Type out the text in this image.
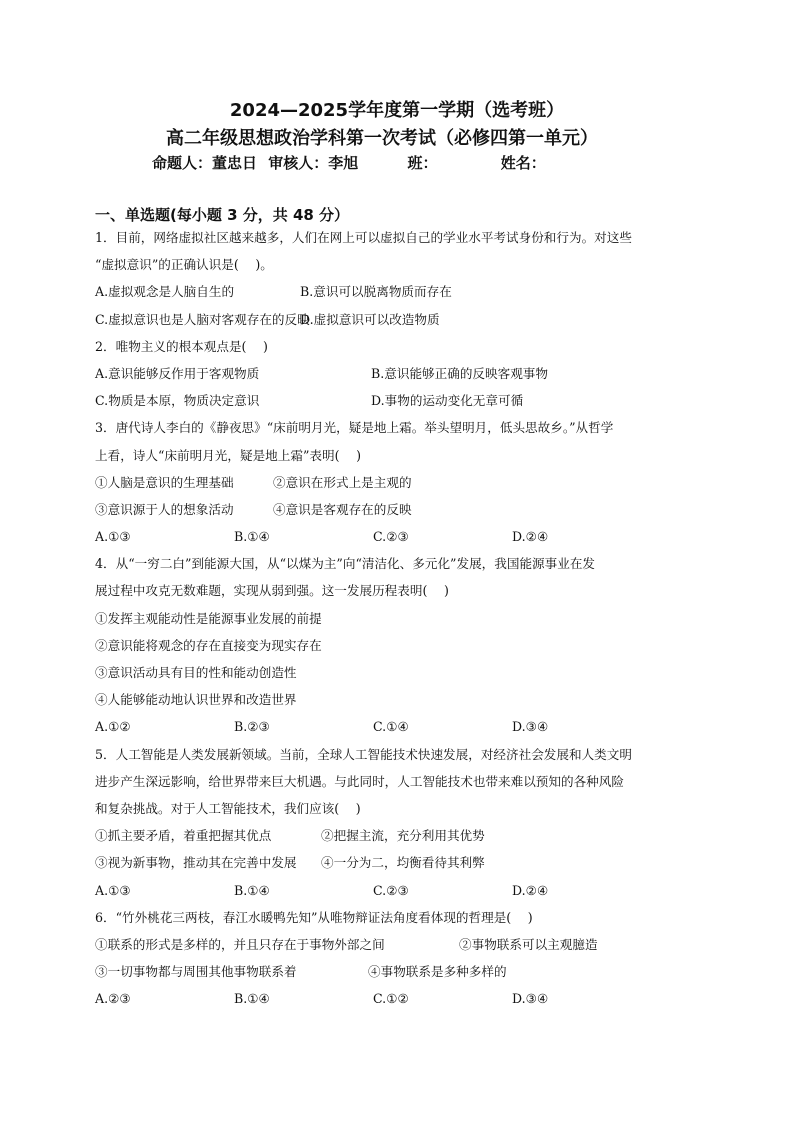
2024—2025学年度第一学期（选考班）
高二年级思想政治学科第一次考试（必修四第一单元）
命题人：董忠日 审核人：李旭	班：	姓名：
一、单选题(每小题 3 分，共 48 分）
1．目前，网络虚拟社区越来越多，人们在网上可以虚拟自己的学业水平考试身份和行为。对这些
“虚拟意识”的正确认识是(　 )。
A.虚拟观念是人脑自生的	B.意识可以脱离物质而存在
C.虚拟意识也是人脑对客观存在的反映
D.虚拟意识可以改造物质
2．唯物主义的根本观点是(　 )
A.意识能够反作用于客观物质	B.意识能够正确的反映客观事物
C.物质是本原，物质决定意识	D.事物的运动变化无章可循
3．唐代诗人李白的《静夜思》“床前明月光，疑是地上霜。举头望明月，低头思故乡。”从哲学
上看，诗人“床前明月光，疑是地上霜”表明(　 )
①人脑是意识的生理基础	②意识在形式上是主观的
③意识源于人的想象活动	④意识是客观存在的反映
A.①③	B.①④	C.②③	D.②④
4．从“一穷二白”到能源大国，从“以煤为主”向“清洁化、多元化”发展，我国能源事业在发
展过程中攻克无数难题，实现从弱到强。这一发展历程表明(　 )
①发挥主观能动性是能源事业发展的前提
②意识能将观念的存在直接变为现实存在
③意识活动具有目的性和能动创造性
④人能够能动地认识世界和改造世界
A.①②	B.②③	C.①④	D.③④
5．人工智能是人类发展新领域。当前，全球人工智能技术快速发展，对经济社会发展和人类文明
进步产生深远影响，给世界带来巨大机遇。与此同时，人工智能技术也带来难以预知的各种风险
和复杂挑战。对于人工智能技术，我们应该(　 )
①抓主要矛盾，着重把握其优点	②把握主流，充分利用其优势
③视为新事物，推动其在完善中发展	④一分为二，均衡看待其利弊
A.①③	B.①④	C.②③	D.②④
6．“竹外桃花三两枝，春江水暖鸭先知”从唯物辩证法角度看体现的哲理是(　 )
①联系的形式是多样的，并且只存在于事物外部之间	②事物联系可以主观臆造
③一切事物都与周围其他事物联系着	④事物联系是多种多样的
A.②③	B.①④	C.①②	D.③④
